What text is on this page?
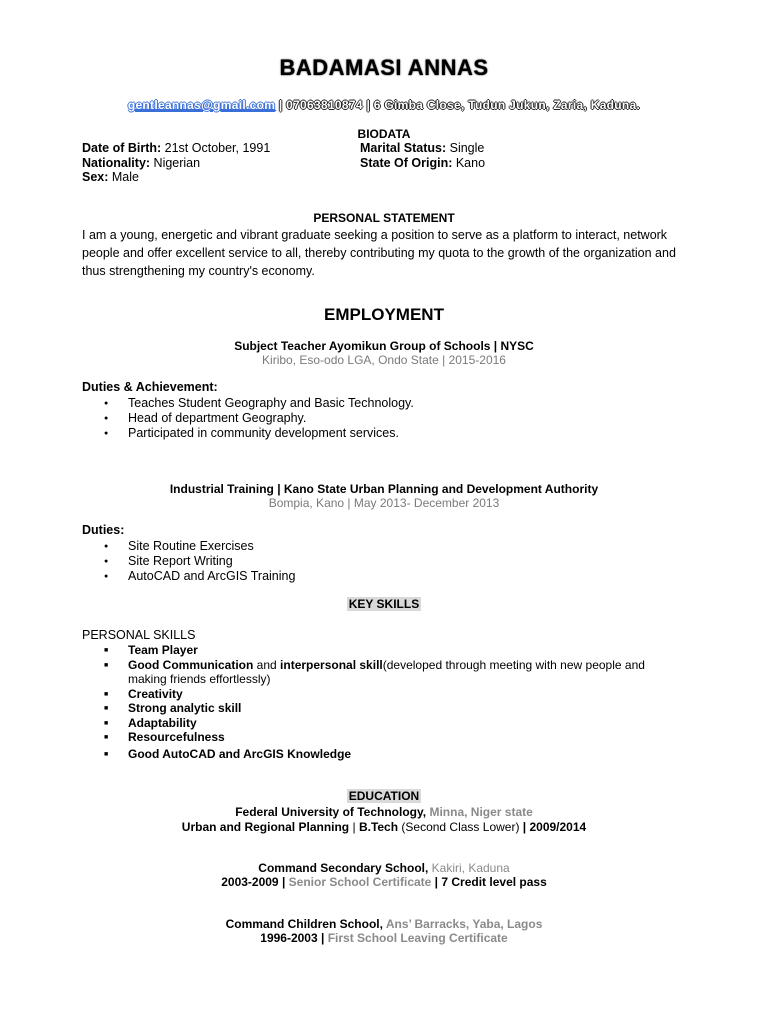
BADAMASI ANNAS
gentleannas@gmail.com | 07063810874 | 6 Gimba Close, Tudun Jukun, Zaria, Kaduna.
BIODATA
Date of Birth: 21st October, 1991
Nationality: Nigerian
Sex: Male
Marital Status: Single
State Of Origin: Kano
PERSONAL STATEMENT
I am a young, energetic and vibrant graduate seeking a position to serve as a platform to interact, network people and offer excellent service to all, thereby contributing my quota to the growth of the organization and thus strengthening my country's economy.
EMPLOYMENT
Subject Teacher Ayomikun Group of Schools | NYSC
Kiribo, Eso-odo LGA, Ondo State | 2015-2016
Duties & Achievement:
● Teaches Student Geography and Basic Technology.
● Head of department Geography.
● Participated in community development services.
Industrial Training | Kano State Urban Planning and Development Authority
Bompia, Kano | May 2013- December 2013
Duties:
● Site Routine Exercises
● Site Report Writing
● AutoCAD and ArcGIS Training
KEY SKILLS
PERSONAL SKILLS
■ Team Player
■ Good Communication and interpersonal skill(developed through meeting with new people and making friends effortlessly)
■ Creativity
■ Strong analytic skill
■ Adaptability
■ Resourcefulness
■ Good AutoCAD and ArcGIS Knowledge
EDUCATION
Federal University of Technology, Minna, Niger state
Urban and Regional Planning | B.Tech (Second Class Lower) | 2009/2014
Command Secondary School, Kakiri, Kaduna
2003-2009 | Senior School Certificate | 7 Credit level pass
Command Children School, Ans’ Barracks, Yaba, Lagos
1996-2003 | First School Leaving Certificate
